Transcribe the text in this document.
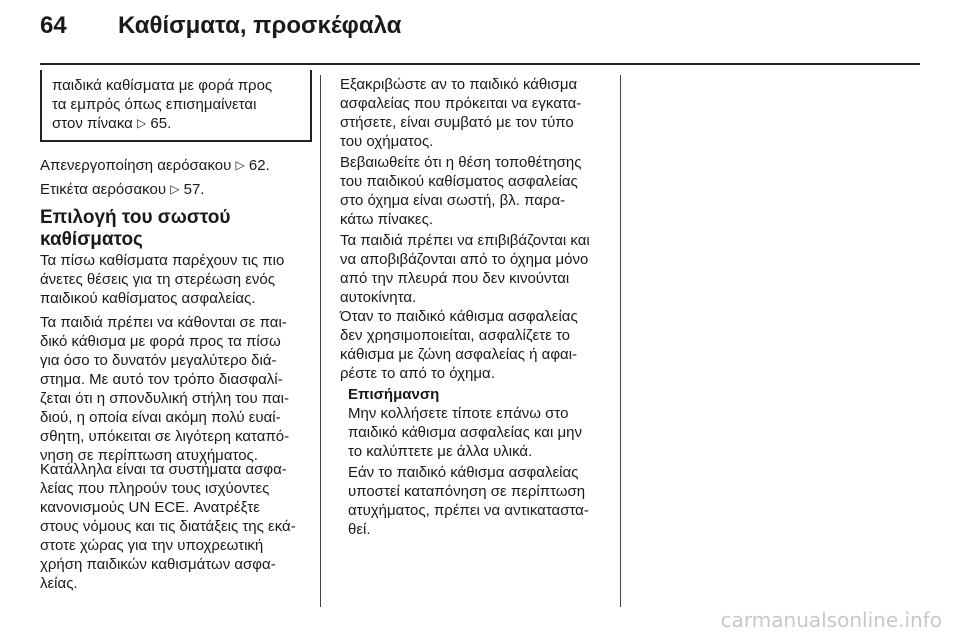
64 Καθίσματα, προσκέφαλα
παιδικά καθίσματα με φορά προς
τα εμπρός όπως επισημαίνεται
στον πίνακα ▷ 65.
Απενεργοποίηση αερόσακου ▷ 62.
Ετικέτα αερόσακου ▷ 57.
Επιλογή του σωστού
καθίσματος
Τα πίσω καθίσματα παρέχουν τις πιο
άνετες θέσεις για τη στερέωση ενός
παιδικού καθίσματος ασφαλείας.
Τα παιδιά πρέπει να κάθονται σε παι-
δικό κάθισμα με φορά προς τα πίσω
για όσο το δυνατόν μεγαλύτερο διά-
στημα. Με αυτό τον τρόπο διασφαλί-
ζεται ότι η σπονδυλική στήλη του παι-
διού, η οποία είναι ακόμη πολύ ευαί-
σθητη, υπόκειται σε λιγότερη καταπό-
νηση σε περίπτωση ατυχήματος.
Κατάλληλα είναι τα συστήματα ασφα-
λείας που πληρούν τους ισχύοντες
κανονισμούς UN ECE. Ανατρέξτε
στους νόμους και τις διατάξεις της εκά-
στοτε χώρας για την υποχρεωτική
χρήση παιδικών καθισμάτων ασφα-
λείας.
Εξακριβώστε αν το παιδικό κάθισμα
ασφαλείας που πρόκειται να εγκατα-
στήσετε, είναι συμβατό με τον τύπο
του οχήματος.
Βεβαιωθείτε ότι η θέση τοποθέτησης
του παιδικού καθίσματος ασφαλείας
στο όχημα είναι σωστή, βλ. παρα-
κάτω πίνακες.
Τα παιδιά πρέπει να επιβιβάζονται και
να αποβιβάζονται από το όχημα μόνο
από την πλευρά που δεν κινούνται
αυτοκίνητα.
Όταν το παιδικό κάθισμα ασφαλείας
δεν χρησιμοποιείται, ασφαλίζετε το
κάθισμα με ζώνη ασφαλείας ή αφαι-
ρέστε το από το όχημα.
Επισήμανση
Μην κολλήσετε τίποτε επάνω στο
παιδικό κάθισμα ασφαλείας και μην
το καλύπτετε με άλλα υλικά.
Εάν το παιδικό κάθισμα ασφαλείας
υποστεί καταπόνηση σε περίπτωση
ατυχήματος, πρέπει να αντικαταστα-
θεί.
carmanualsonline.info
